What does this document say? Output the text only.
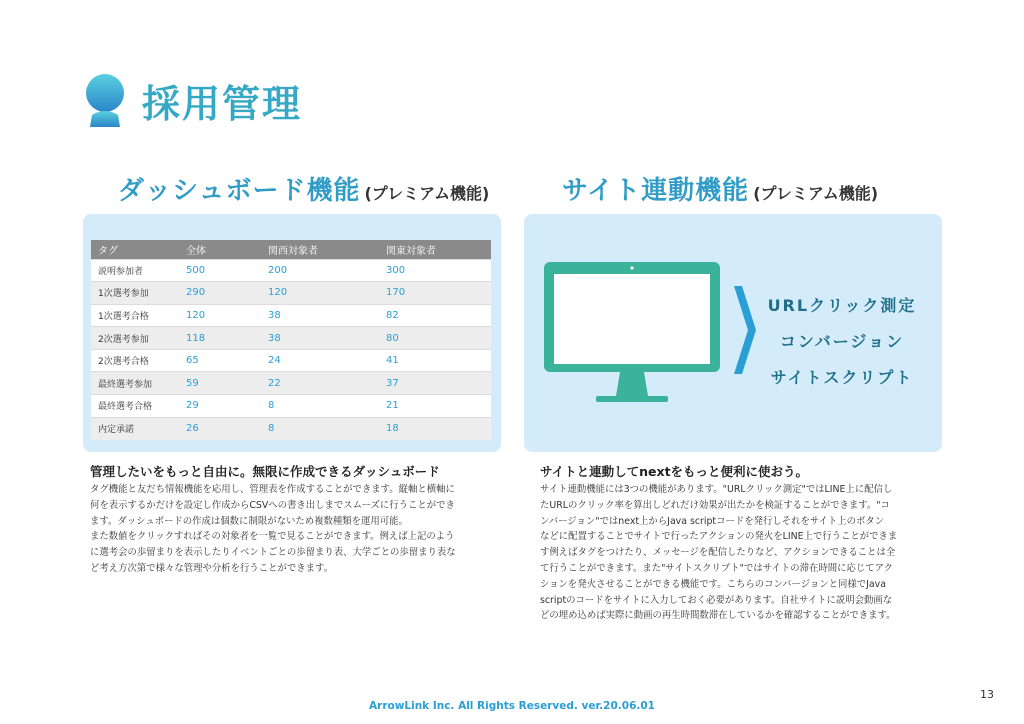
採用管理
ダッシュボード機能 (プレミアム機能)	サイト連動機能 (プレミアム機能)
タグ	全体	関西対象者	関東対象者
説明参加者	500	200	300
1次選考参加	290	120	170
1次選考合格	120	38	82
2次選考参加	118	38	80
2次選考合格	65	24	41
最終選考参加	59	22	37
最終選考合格	29	8	21
内定承諾	26	8	18
URLクリック測定
コンバージョン
サイトスクリプト
管理したいをもっと自由に。無限に作成できるダッシュボード	サイトと連動してnextをもっと便利に使おう。
タグ機能と友だち情報機能を応用し、管理表を作成することができます。縦軸と横軸に
何を表示するかだけを設定し作成からCSVへの書き出しまでスムーズに行うことができ
ます。ダッシュボードの作成は個数に制限がないため複数種類を運用可能。
また数値をクリックすればその対象者を一覧で見ることができます。例えば上記のよう
に選考会の歩留まりを表示したりイベントごとの歩留まり表、大学ごとの歩留まり表な
ど考え方次第で様々な管理や分析を行うことができます。
サイト連動機能には3つの機能があります。"URLクリック測定"ではLINE上に配信し
たURLのクリック率を算出しどれだけ効果が出たかを検証することができます。"コ
ンバージョン"ではnext上からJava scriptコードを発行しそれをサイト上のボタン
などに配置することでサイトで行ったアクションの発火をLINE上で行うことができま
す例えばタグをつけたり、メッセージを配信したりなど、アクションできることは全
て行うことができます。また"サイトスクリプト"ではサイトの滞在時間に応じてアク
ションを発火させることができる機能です。こちらのコンバージョンと同様でJava
scriptのコードをサイトに入力しておく必要があります。自社サイトに説明会動画な
どの埋め込めば実際に動画の再生時間数滞在しているかを確認することができます。
ArrowLink Inc. All Rights Reserved. ver.20.06.01
13
